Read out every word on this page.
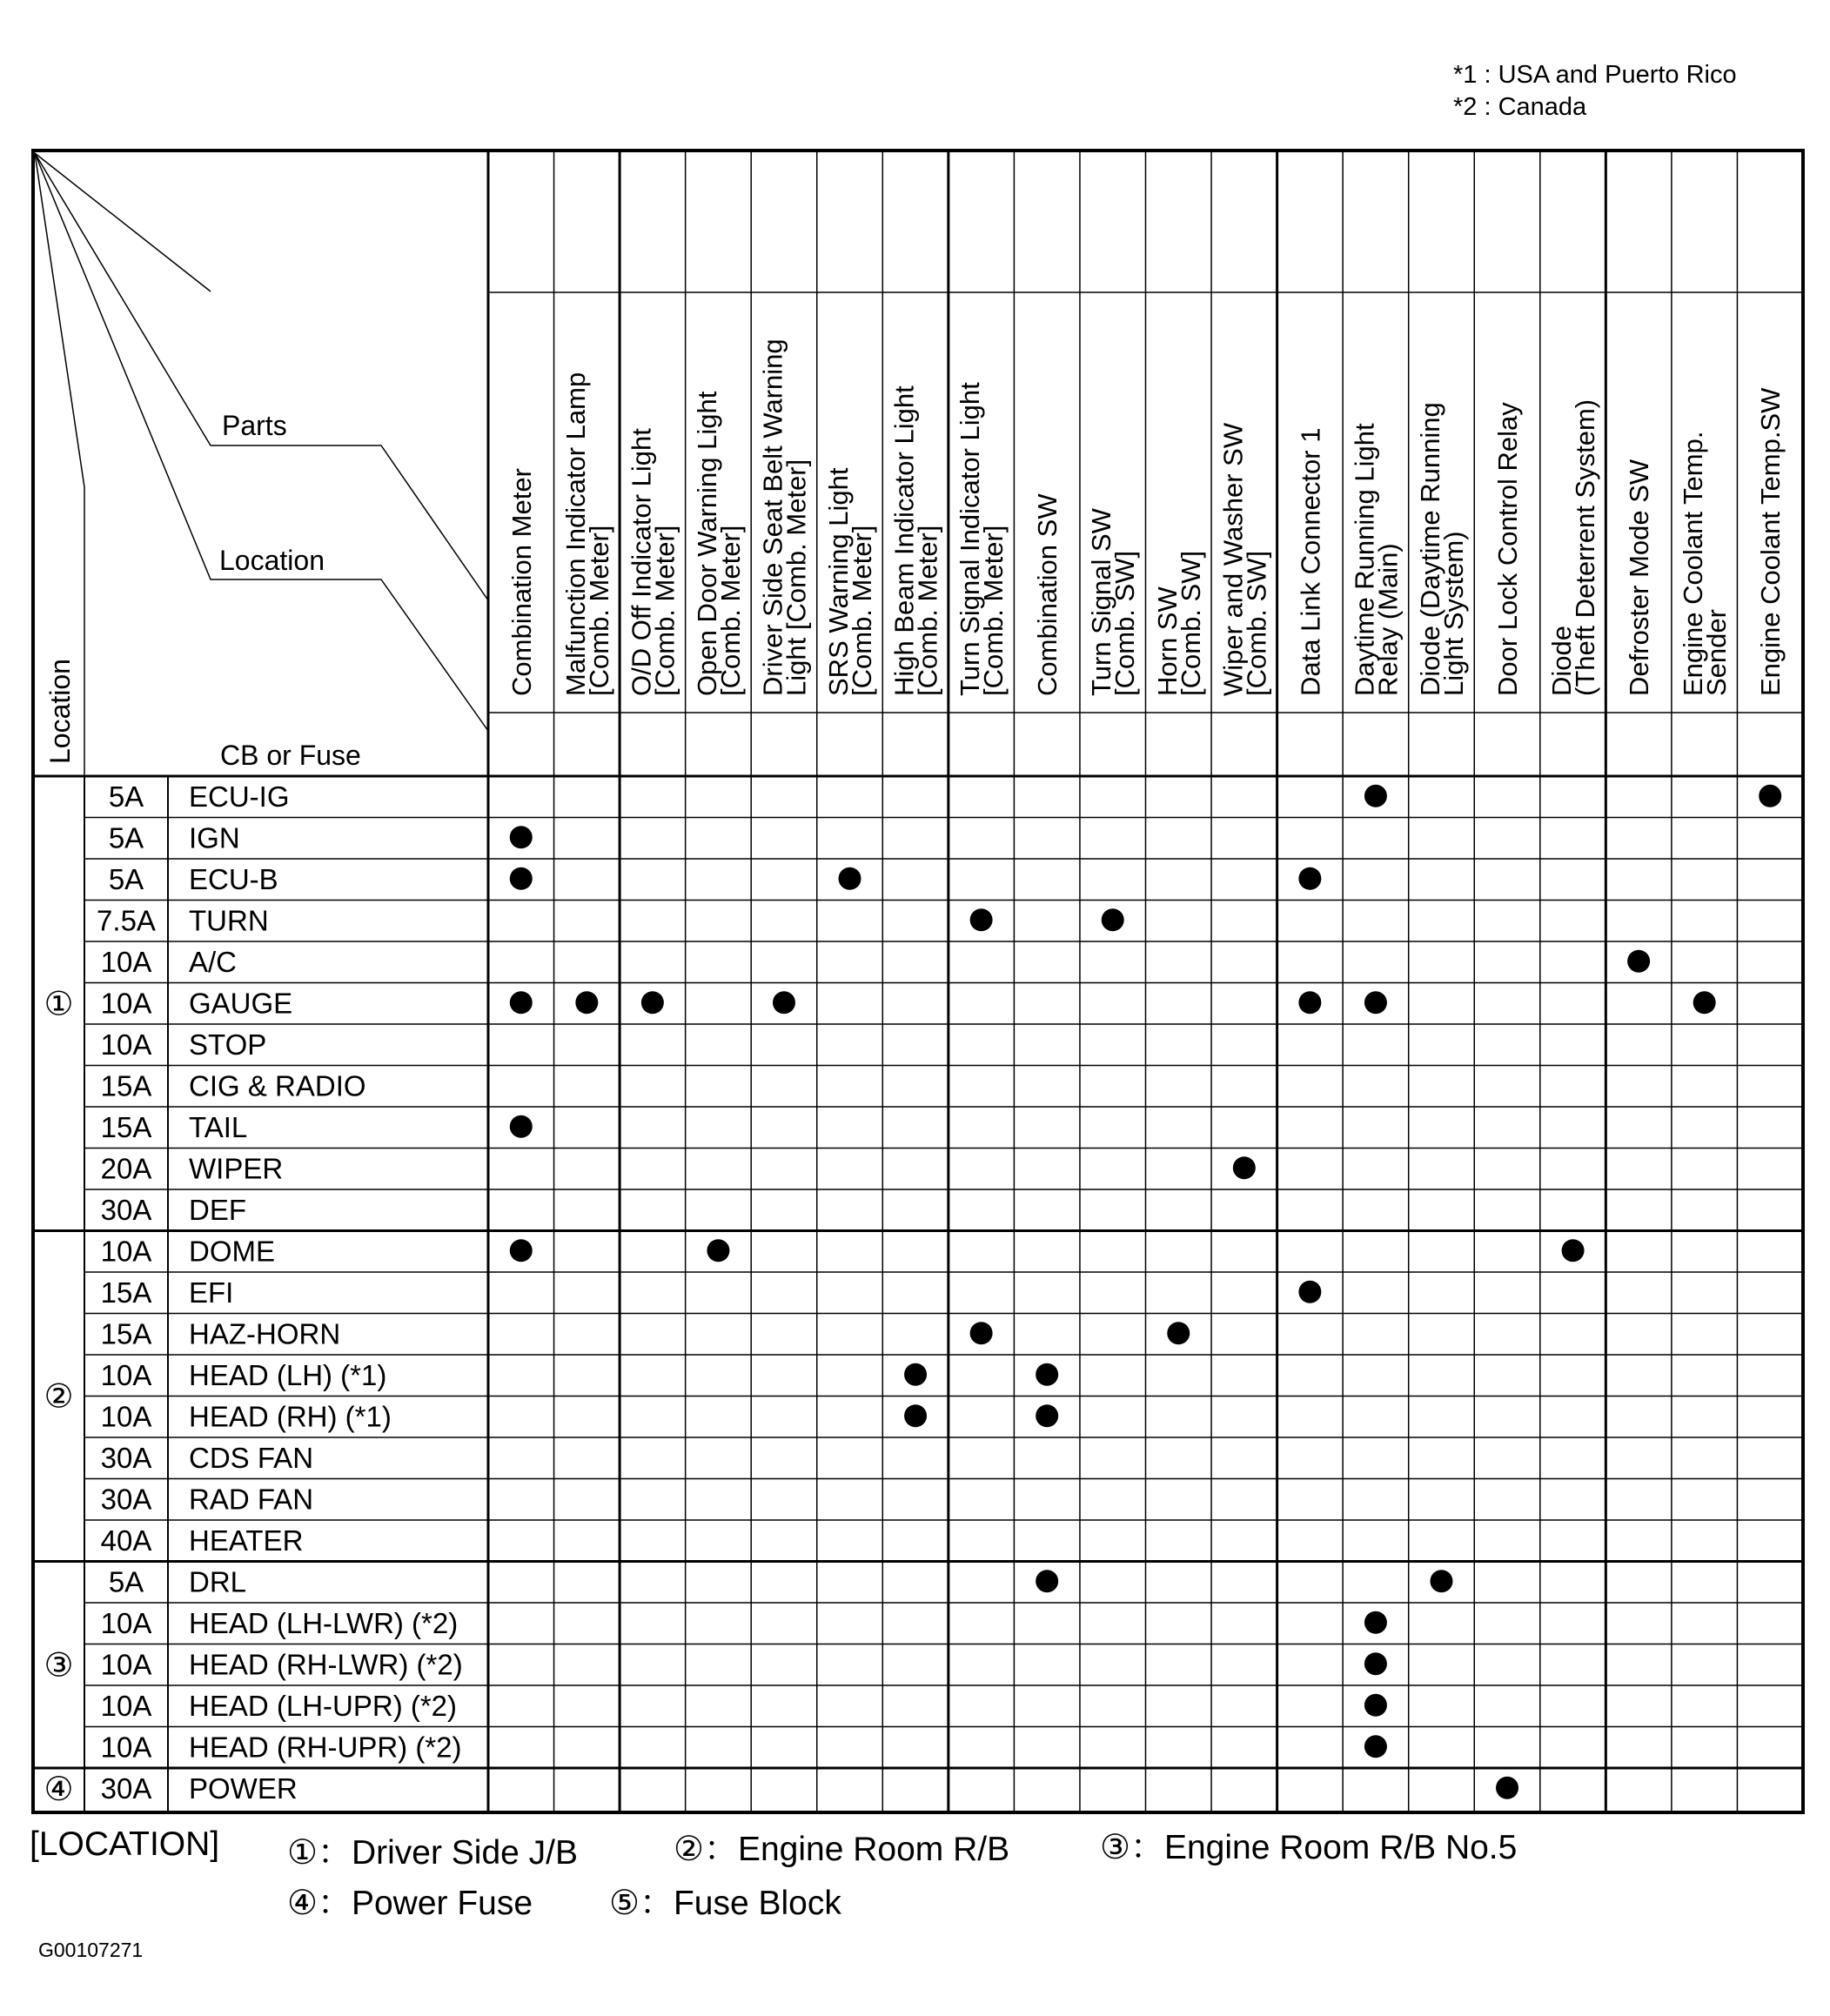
*1 : USA and Puerto Rico
*2 : Canada
Parts
Location
CB or Fuse
Location
Combination Meter Malfunction Indicator Lamp
[Comb. Meter] O/D Off Indicator Light
[Comb. Meter] Open Door Warning Light
[Comb. Meter] Driver Side Seat Belt Warning
Light [Comb. Meter] SRS Warning Light
[Comb. Meter] High Beam Indicator Light
[Comb. Meter] Turn Signal Indicator Light
[Comb. Meter] Combination SW Turn Signal SW
[Comb. SW] Horn SW
[Comb. SW] Wiper and Washer SW
[Comb. SW] Data Link Connector 1 Daytime Running Light
Relay (Main) Diode (Daytime Running
Light System) Door Lock Control Relay Diode
(Theft Deterrent System) Defroster Mode SW Engine Coolant Temp.
Sender Engine Coolant Temp.SW
5A ECU-IG
5A IGN
5A ECU-B
7.5A TURN
10A A/C
10A GAUGE
10A STOP
15A CIG & RADIO
15A TAIL
20A WIPER
30A DEF
10A DOME
15A EFI
15A HAZ-HORN
10A HEAD (LH) (*1)
10A HEAD (RH) (*1)
30A CDS FAN
30A RAD FAN
40A HEATER
5A DRL
10A HEAD (LH-LWR) (*2)
10A HEAD (RH-LWR) (*2)
10A HEAD (LH-UPR) (*2)
10A HEAD (RH-UPR) (*2)
30A POWER
①
②
③
④
[LOCATION] ①：Driver Side J/B	②：Engine Room R/B	③：Engine Room R/B No.5
④：Power Fuse ⑤：Fuse Block
G00107271
